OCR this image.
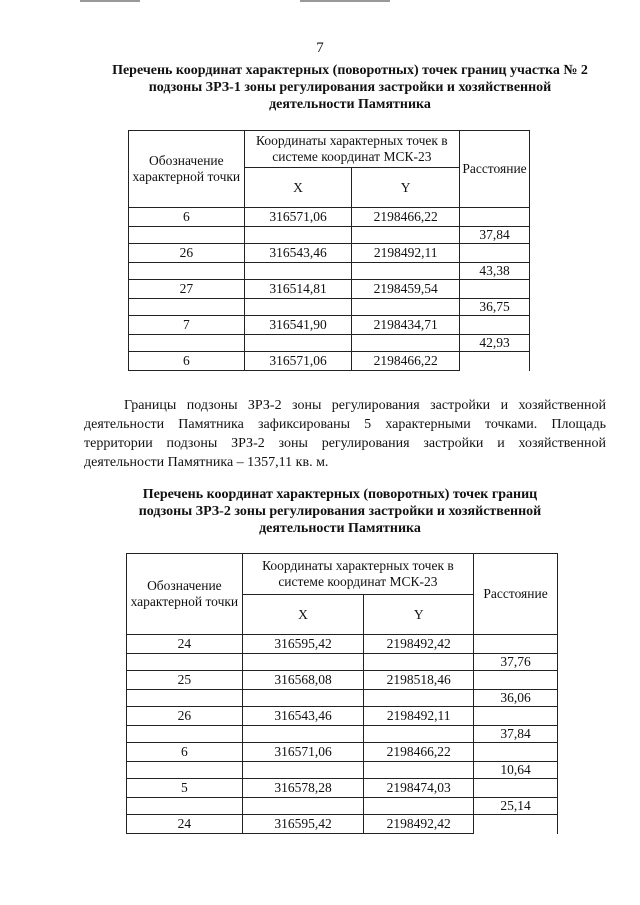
7
Перечень координат характерных (поворотных) точек границ участка № 2
подзоны ЗРЗ-1 зоны регулирования застройки и хозяйственной
деятельности Памятника
Обозначение характерной точки	Координаты характерных точек в системе координат МСК-23		Расстояние
	X	Y	
6	316571,06	2198466,22	
			37,84
26	316543,46	2198492,11	
			43,38
27	316514,81	2198459,54	
			36,75
7	316541,90	2198434,71	
			42,93
6	316571,06	2198466,22	
Границы подзоны ЗРЗ-2 зоны регулирования застройки и хозяйственной деятельности Памятника зафиксированы 5 характерными точками. Площадь территории подзоны ЗРЗ-2 зоны регулирования застройки и хозяйственной деятельности Памятника – 1357,11 кв. м.
Перечень координат характерных (поворотных) точек границ
подзоны ЗРЗ-2 зоны регулирования застройки и хозяйственной
деятельности Памятника
Обозначение характерной точки	Координаты характерных точек в системе координат МСК-23		Расстояние
	X	Y	
24	316595,42	2198492,42	
			37,76
25	316568,08	2198518,46	
			36,06
26	316543,46	2198492,11	
			37,84
6	316571,06	2198466,22	
			10,64
5	316578,28	2198474,03	
			25,14
24	316595,42	2198492,42	
